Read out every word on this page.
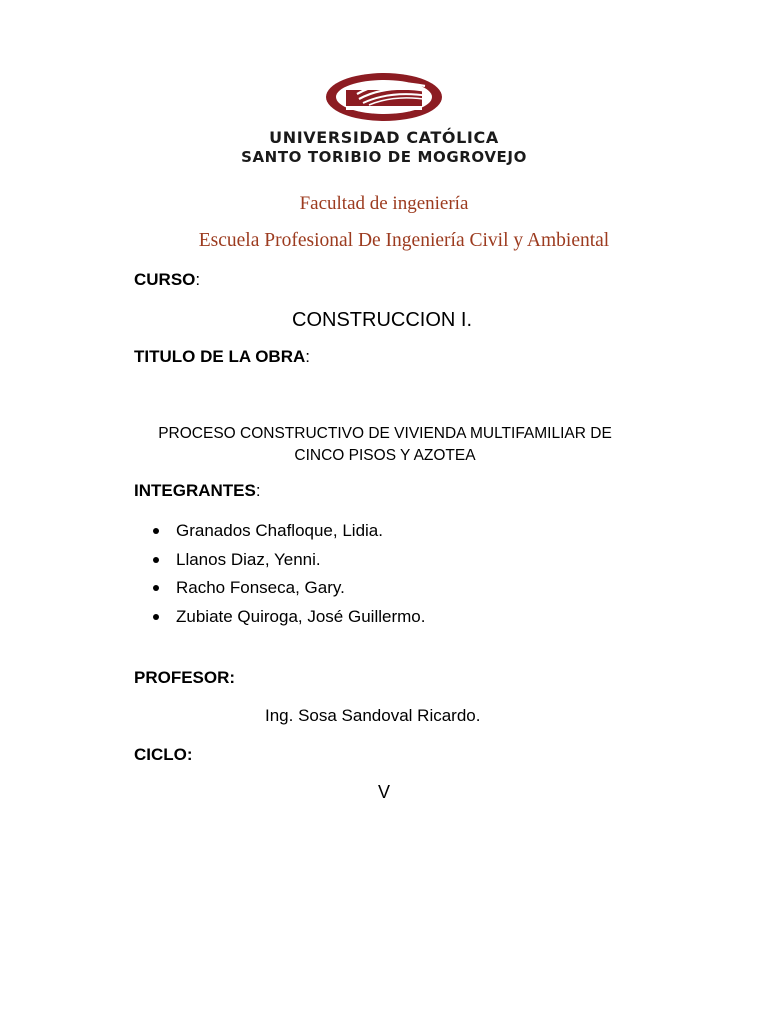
UNIVERSIDAD CATÓLICA
SANTO TORIBIO DE MOGROVEJO
Facultad de ingeniería
Escuela Profesional De Ingeniería Civil y Ambiental
CURSO:
CONSTRUCCION I.
TITULO DE LA OBRA:
PROCESO CONSTRUCTIVO DE VIVIENDA MULTIFAMILIAR DE
CINCO PISOS Y AZOTEA
INTEGRANTES:
Granados Chafloque, Lidia.
Llanos Diaz, Yenni.
Racho Fonseca, Gary.
Zubiate Quiroga, José Guillermo.
PROFESOR:
Ing. Sosa Sandoval Ricardo.
CICLO:
V
